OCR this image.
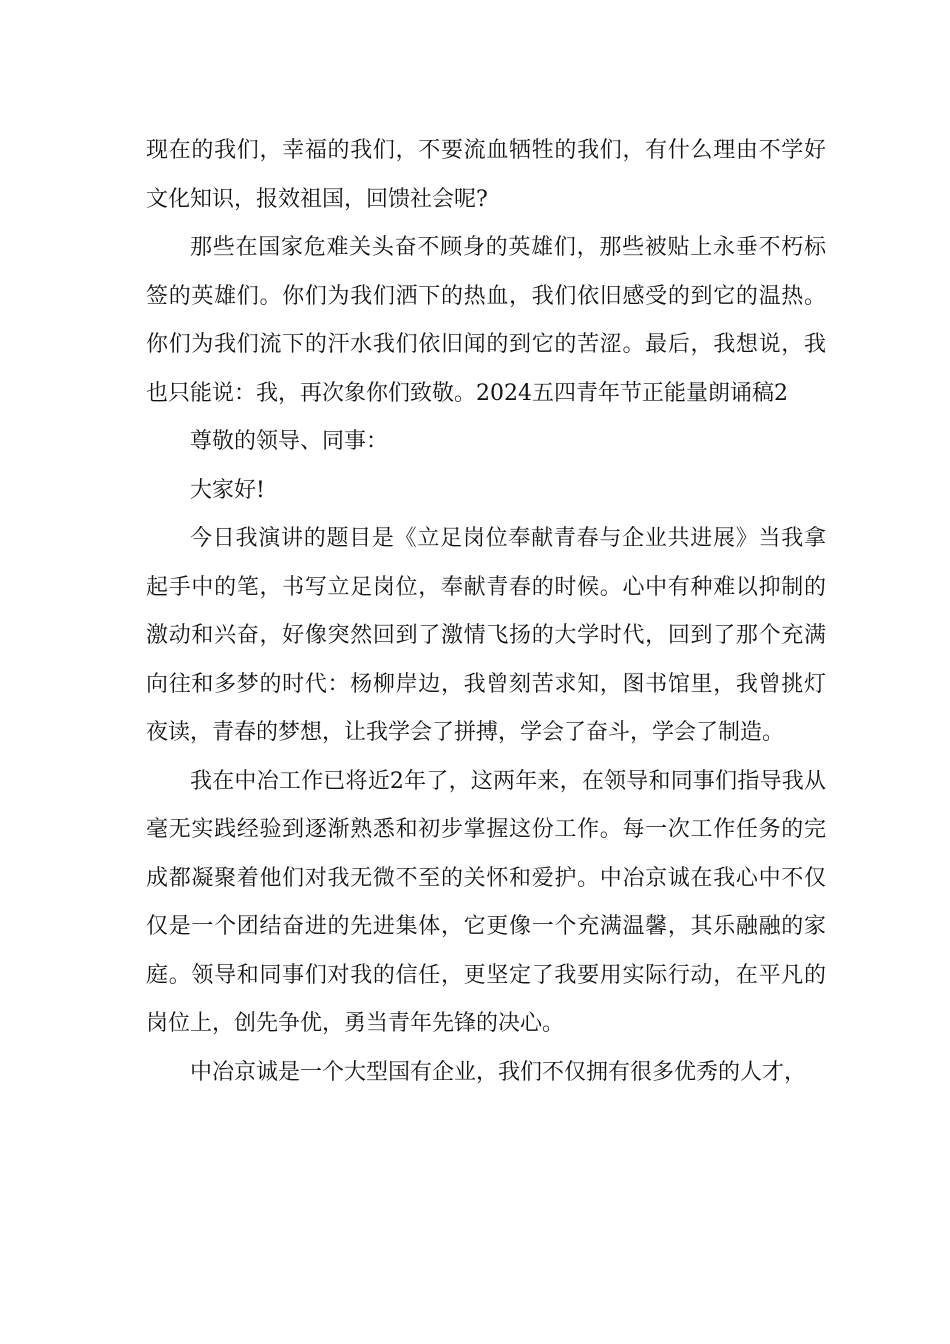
现在的我们，幸福的我们，不要流血牺牲的我们，有什么理由不学好文化知识，报效祖国，回馈社会呢?

那些在国家危难关头奋不顾身的英雄们，那些被贴上永垂不朽标签的英雄们。你们为我们洒下的热血，我们依旧感受的到它的温热。你们为我们流下的汗水我们依旧闻的到它的苦涩。最后，我想说，我也只能说：我，再次象你们致敬。2024五四青年节正能量朗诵稿2

尊敬的领导、同事：

大家好!

今日我演讲的题目是《立足岗位奉献青春与企业共进展》当我拿起手中的笔，书写立足岗位，奉献青春的时候。心中有种难以抑制的激动和兴奋，好像突然回到了激情飞扬的大学时代，回到了那个充满向往和多梦的时代：杨柳岸边，我曾刻苦求知，图书馆里，我曾挑灯夜读，青春的梦想，让我学会了拼搏，学会了奋斗，学会了制造。

我在中冶工作已将近2年了，这两年来，在领导和同事们指导我从毫无实践经验到逐渐熟悉和初步掌握这份工作。每一次工作任务的完成都凝聚着他们对我无微不至的关怀和爱护。中冶京诚在我心中不仅仅是一个团结奋进的先进集体，它更像一个充满温馨，其乐融融的家庭。领导和同事们对我的信任，更坚定了我要用实际行动，在平凡的岗位上，创先争优，勇当青年先锋的决心。

中冶京诚是一个大型国有企业，我们不仅拥有很多优秀的人才，
